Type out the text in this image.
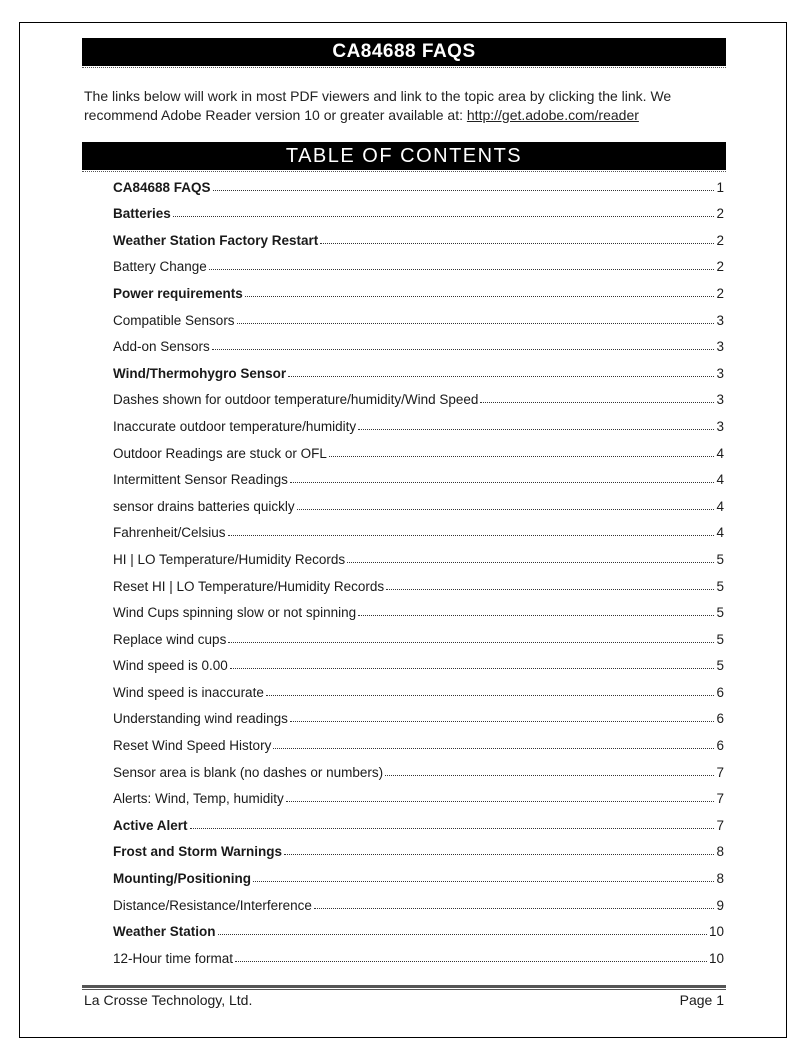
CA84688 FAQS
The links below will work in most PDF viewers and link to the topic area by clicking the link. We recommend Adobe Reader version 10 or greater available at: http://get.adobe.com/reader
TABLE OF CONTENTS
CA84688 FAQS	1
Batteries	2
Weather Station Factory Restart	2
Battery Change	2
Power requirements	2
Compatible Sensors	3
Add-on Sensors	3
Wind/Thermohygro Sensor	3
Dashes shown for outdoor temperature/humidity/Wind Speed	3
Inaccurate outdoor temperature/humidity	3
Outdoor Readings are stuck or OFL	4
Intermittent Sensor Readings	4
sensor drains batteries quickly	4
Fahrenheit/Celsius	4
HI | LO Temperature/Humidity Records	5
Reset HI | LO Temperature/Humidity Records	5
Wind Cups spinning slow or not spinning	5
Replace wind cups	5
Wind speed is 0.00	5
Wind speed is inaccurate	6
Understanding wind readings	6
Reset Wind Speed History	6
Sensor area is blank (no dashes or numbers)	7
Alerts: Wind, Temp, humidity	7
Active Alert	7
Frost and Storm Warnings	8
Mounting/Positioning	8
Distance/Resistance/Interference	9
Weather Station	10
12-Hour time format	10
La Crosse Technology, Ltd.	Page 1
